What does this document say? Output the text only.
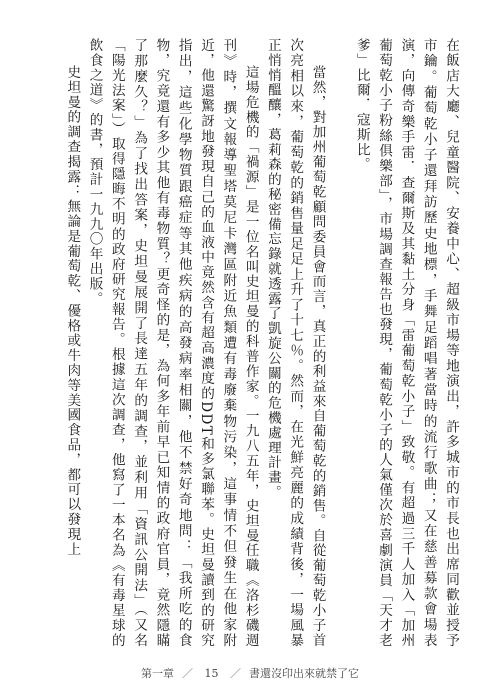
在飯店大廳、兒童醫院、安養中心、超級市場等地演出，許多城市的市長也出席同歡並授予市鑰。葡萄乾小子還拜訪歷史地標，手舞足蹈唱著當時的流行歌曲；又在慈善募款會場表演，向傳奇樂手雷．查爾斯及其黏土分身「雷葡萄乾小子」致敬。有超過三千人加入「加州葡萄乾小子粉絲俱樂部」，市場調查報告也發現，葡萄乾小子的人氣僅次於喜劇演員「天才老爹」比爾．寇斯比。

當然，對加州葡萄乾顧問委員會而言，真正的利益來自葡萄乾的銷售。自從葡萄乾小子首次亮相以來，葡萄乾的銷售量足足上升了十七％。然而，在光鮮亮麗的成績背後，一場風暴正悄悄醞釀，葛莉森的秘密備忘錄就透露了凱旋公關的危機處理計畫。

這場危機的「禍源」是一位名叫史坦曼的科普作家。一九八五年，史坦曼任職《洛杉磯週刊》時，撰文報導聖塔莫尼卡灣區附近魚類遭有毒廢棄物污染，這事情不但發生在他家附近，他還驚訝地發現自己的血液中竟然含有超高濃度的DDT和多氯聯苯。史坦曼讀到的研究指出，這些化學物質跟癌症等其他疾病的高發病率相關，他不禁好奇地問：「我所吃的食物，究竟還有多少其他有毒物質？更奇怪的是，為何多年前早已知情的政府官員，竟然隱瞞了那麼久？」為了找出答案，史坦曼展開了長達五年的調查，並利用「資訊公開法」（又名「陽光法案」）取得隱晦不明的政府研究報告。根據這次調查，他寫了一本名為《有毒星球的飲食之道》的書，預計一九九〇年出版。

史坦曼的調查揭露：無論是葡萄乾、優格或牛肉等美國食品，都可以發現上

第一章 ／ 15 ／ 書還沒印出來就禁了它
